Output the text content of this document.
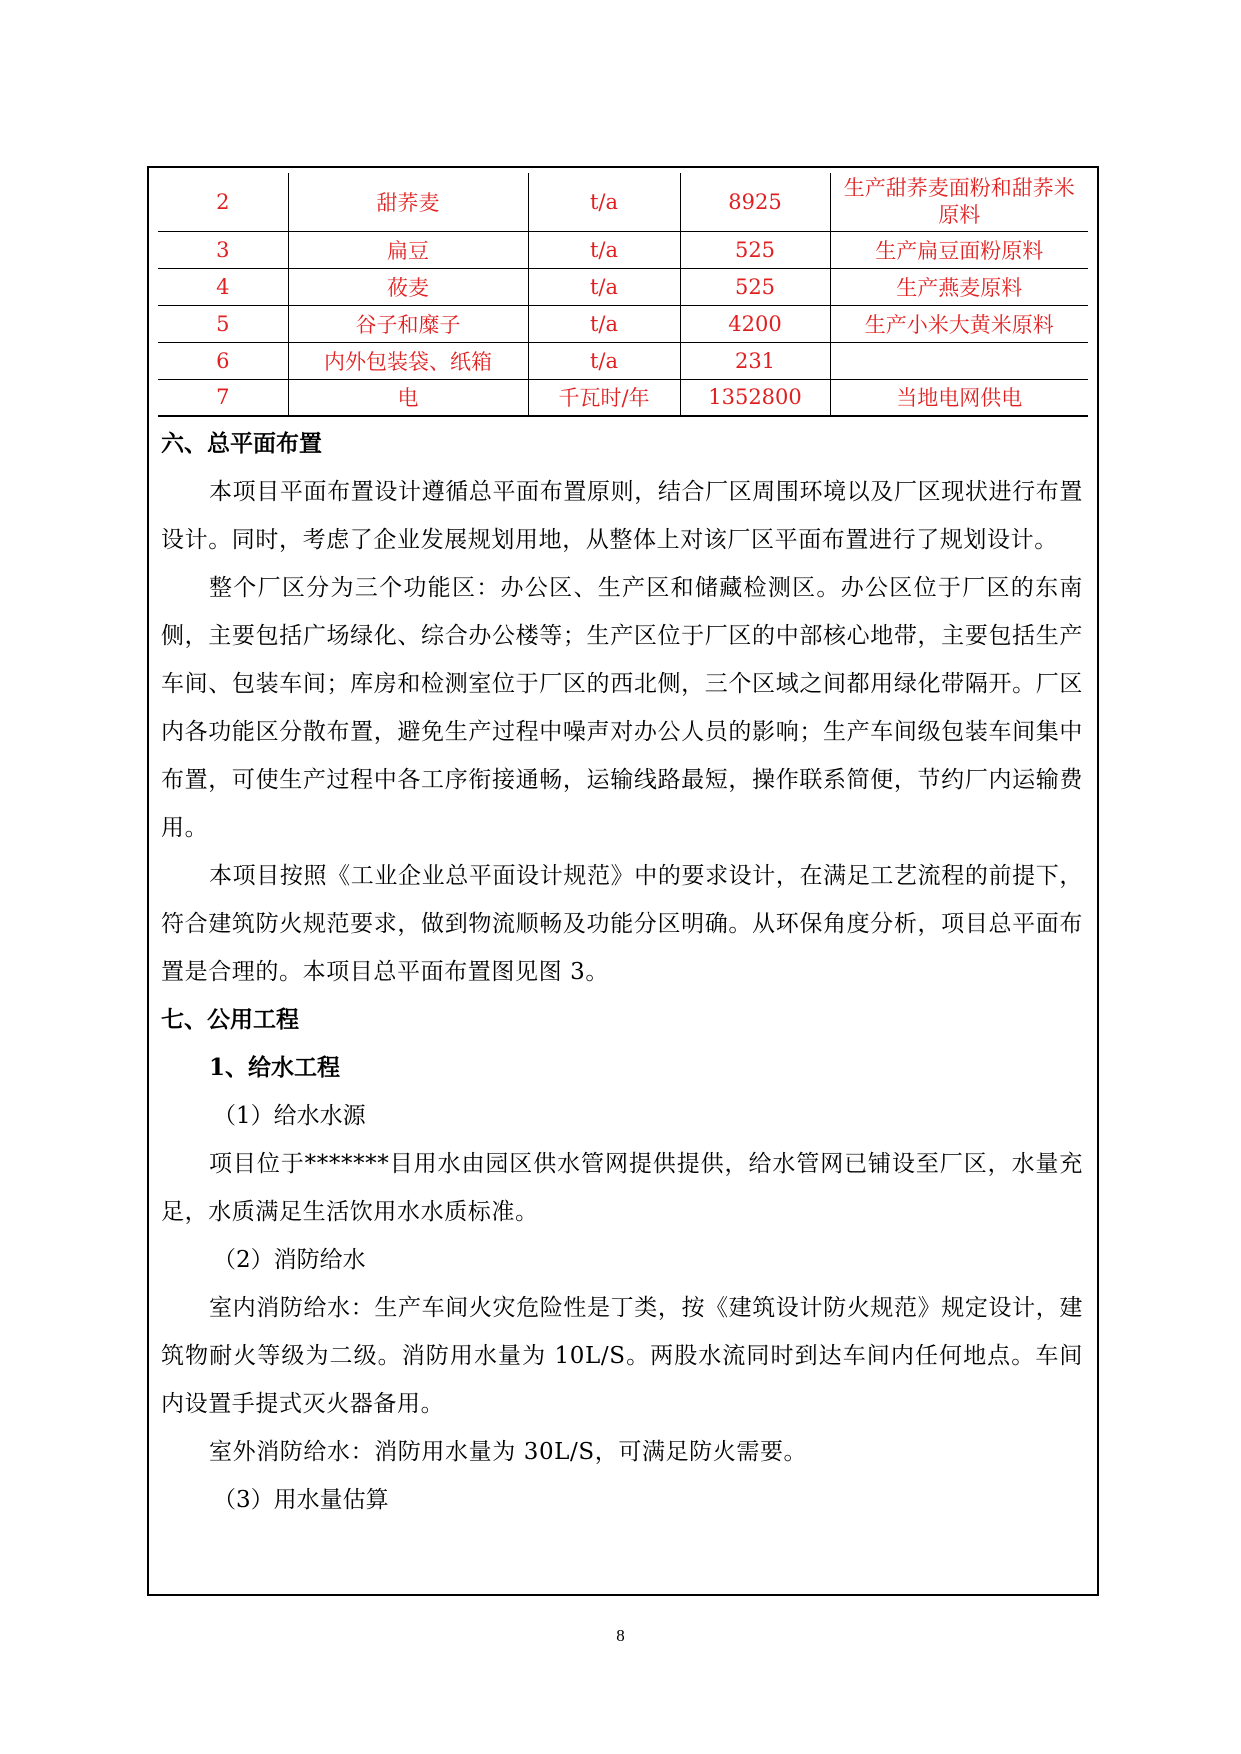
2	甜荞麦	t/a	8925	生产甜荞麦面粉和甜荞米原料
3	扁豆	t/a	525	生产扁豆面粉原料
4	莜麦	t/a	525	生产燕麦原料
5	谷子和糜子	t/a	4200	生产小米大黄米原料
6	内外包装袋、纸箱	t/a	231	
7	电	千瓦时/年	1352800	当地电网供电
六、总平面布置

本项目平面布置设计遵循总平面布置原则，结合厂区周围环境以及厂区现状进行布置设计。同时，考虑了企业发展规划用地，从整体上对该厂区平面布置进行了规划设计。

整个厂区分为三个功能区：办公区、生产区和储藏检测区。办公区位于厂区的东南侧，主要包括广场绿化、综合办公楼等；生产区位于厂区的中部核心地带，主要包括生产车间、包装车间；库房和检测室位于厂区的西北侧，三个区域之间都用绿化带隔开。厂区内各功能区分散布置，避免生产过程中噪声对办公人员的影响；生产车间级包装车间集中布置，可使生产过程中各工序衔接通畅，运输线路最短，操作联系简便，节约厂内运输费用。

本项目按照《工业企业总平面设计规范》中的要求设计，在满足工艺流程的前提下，符合建筑防火规范要求，做到物流顺畅及功能分区明确。从环保角度分析，项目总平面布置是合理的。本项目总平面布置图见图 3。

七、公用工程
1、给水工程
（1）给水水源

项目位于*******目用水由园区供水管网提供提供，给水管网已铺设至厂区，水量充足，水质满足生活饮用水水质标准。

（2）消防给水

室内消防给水：生产车间火灾危险性是丁类，按《建筑设计防火规范》规定设计，建筑物耐火等级为二级。消防用水量为 10L/S。两股水流同时到达车间内任何地点。车间内设置手提式灭火器备用。

室外消防给水：消防用水量为 30L/S，可满足防火需要。

（3）用水量估算
8
